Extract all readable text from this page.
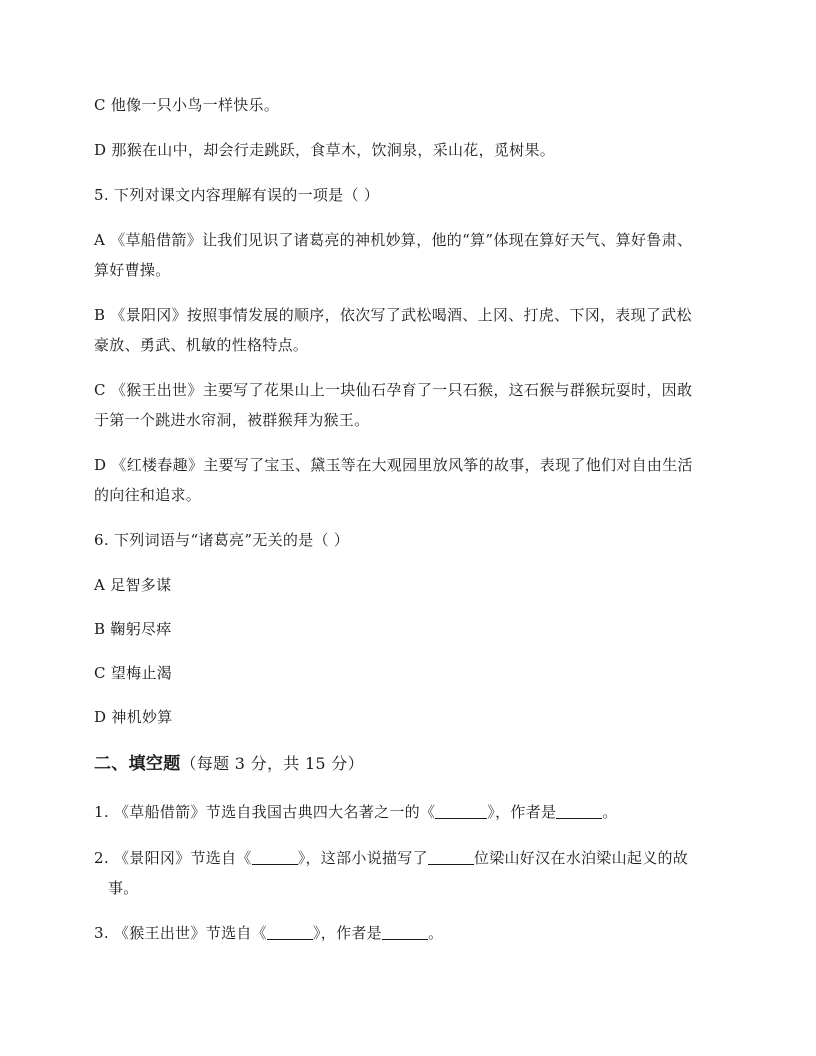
C 他像一只小鸟一样快乐。
D 那猴在山中，却会行走跳跃，食草木，饮涧泉，采山花，觅树果。
5. 下列对课文内容理解有误的一项是（ ）
A 《草船借箭》让我们见识了诸葛亮的神机妙算，他的“算”体现在算好天气、算好鲁肃、
算好曹操。
B 《景阳冈》按照事情发展的顺序，依次写了武松喝酒、上冈、打虎、下冈，表现了武松
豪放、勇武、机敏的性格特点。
C 《猴王出世》主要写了花果山上一块仙石孕育了一只石猴，这石猴与群猴玩耍时，因敢
于第一个跳进水帘洞，被群猴拜为猴王。
D 《红楼春趣》主要写了宝玉、黛玉等在大观园里放风筝的故事，表现了他们对自由生活
的向往和追求。
6. 下列词语与“诸葛亮”无关的是（ ）
A 足智多谋
B 鞠躬尽瘁
C 望梅止渴
D 神机妙算
二、填空题（每题 3 分，共 15 分）
1. 《草船借箭》节选自我国古典四大名著之一的《	》，作者是	。
2. 《景阳冈》节选自《	》，这部小说描写了	位梁山好汉在水泊梁山起义的故
事。
3. 《猴王出世》节选自《	》，作者是	。
